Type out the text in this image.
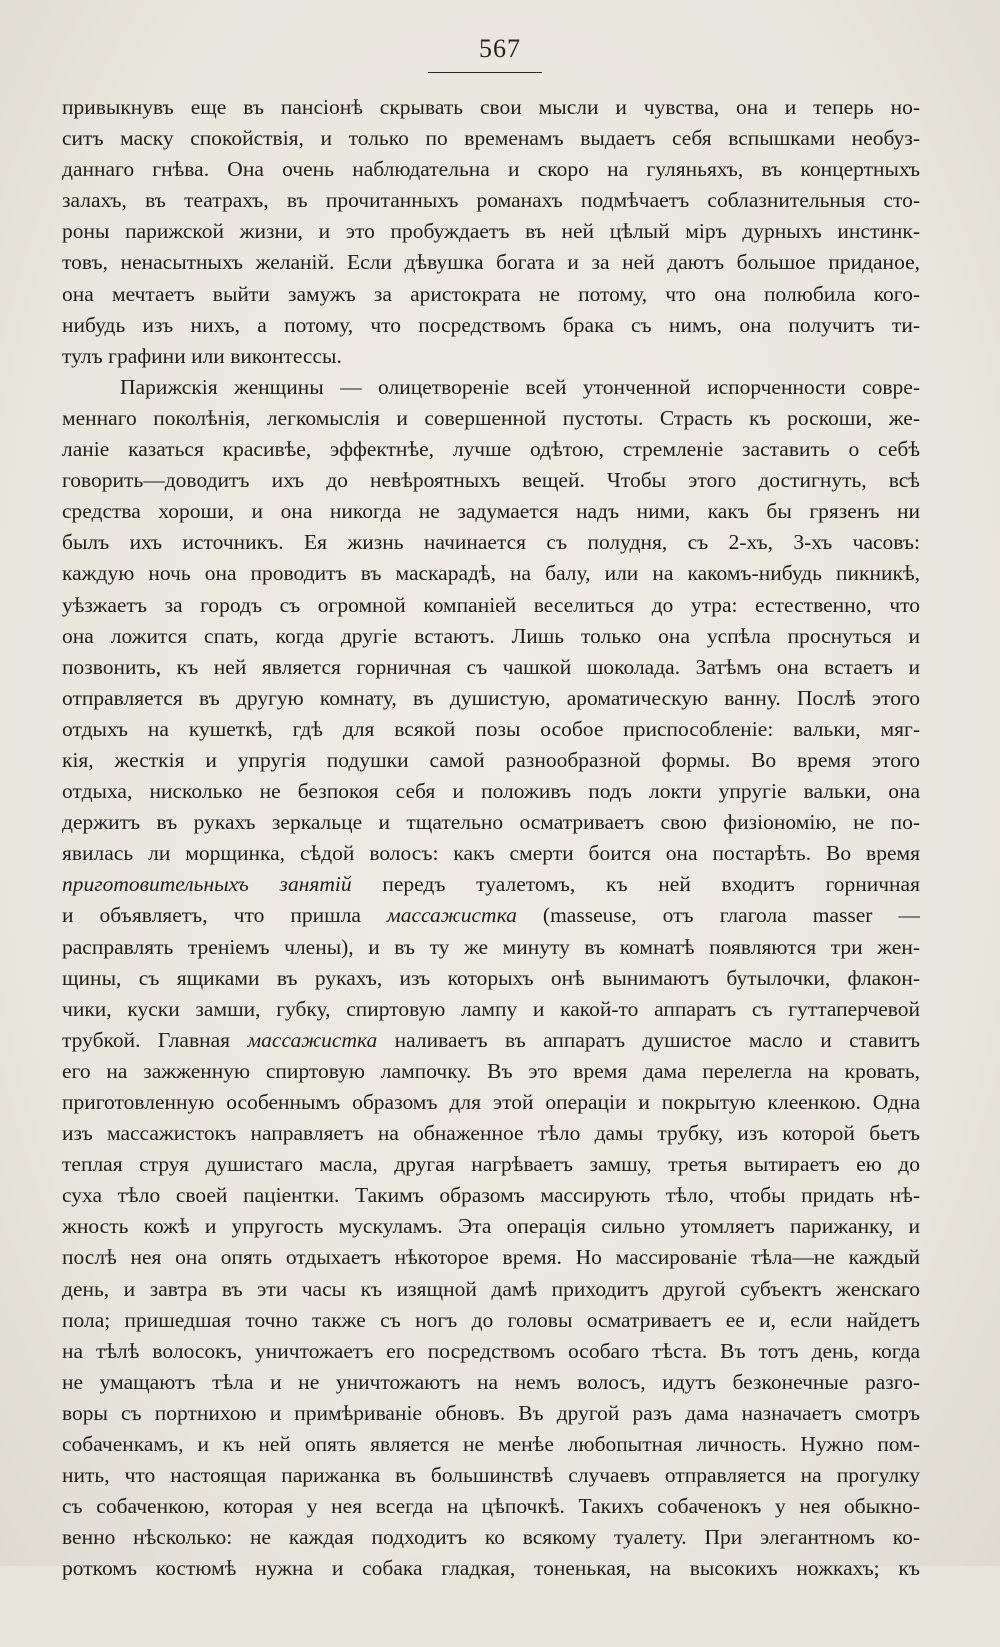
567
привыкнувъ еще въ пансіонѣ скрывать свои мысли и чувства, она и теперь но-
ситъ маску спокойствія, и только по временамъ выдаетъ себя вспышками необуз-
даннаго гнѣва. Она очень наблюдательна и скоро на гуляньяхъ, въ концертныхъ
залахъ, въ театрахъ, въ прочитанныхъ романахъ подмѣчаетъ соблазнительныя сто-
роны парижской жизни, и это пробуждаетъ въ ней цѣлый міръ дурныхъ инстинк-
товъ, ненасытныхъ желаній. Если дѣвушка богата и за ней даютъ большое приданое,
она мечтаетъ выйти замужъ за аристократа не потому, что она полюбила кого-
нибудь изъ нихъ, а потому, что посредствомъ брака съ нимъ, она получитъ ти-
тулъ графини или виконтессы.
Парижскія женщины — олицетвореніе всей утонченной испорченности совре-
меннаго поколѣнія, легкомыслія и совершенной пустоты. Страсть къ роскоши, же-
ланіе казаться красивѣе, эффектнѣе, лучше одѣтою, стремленіе заставить о себѣ
говорить—доводитъ ихъ до невѣроятныхъ вещей. Чтобы этого достигнуть, всѣ
средства хороши, и она никогда не задумается надъ ними, какъ бы грязенъ ни
былъ ихъ источникъ. Ея жизнь начинается съ полудня, съ 2-хъ, 3-хъ часовъ:
каждую ночь она проводитъ въ маскарадѣ, на балу, или на какомъ-нибудь пикникѣ,
уѣзжаетъ за городъ съ огромной компаніей веселиться до утра: естественно, что
она ложится спать, когда другіе встаютъ. Лишь только она успѣла проснуться и
позвонить, къ ней является горничная съ чашкой шоколада. Затѣмъ она встаетъ и
отправляется въ другую комнату, въ душистую, ароматическую ванну. Послѣ этого
отдыхъ на кушеткѣ, гдѣ для всякой позы особое приспособленіе: вальки, мяг-
кія, жесткія и упругія подушки самой разнообразной формы. Во время этого
отдыха, нисколько не безпокоя себя и положивъ подъ локти упругіе вальки, она
держитъ въ рукахъ зеркальце и тщательно осматриваетъ свою физіономію, не по-
явилась ли морщинка, сѣдой волосъ: какъ смерти боится она постарѣть. Во время
приготовительныхъ занятій передъ туалетомъ, къ ней входитъ горничная
и объявляетъ, что пришла массажистка (masseuse, отъ глагола masser —
расправлять тренiемъ члены), и въ ту же минуту въ комнатѣ появляются три жен-
щины, съ ящиками въ рукахъ, изъ которыхъ онѣ вынимаютъ бутылочки, флакон-
чики, куски замши, губку, спиртовую лампу и какой-то аппаратъ съ гуттаперчевой
трубкой. Главная массажистка наливаетъ въ аппаратъ душистое масло и ставитъ
его на зажженную спиртовую лампочку. Въ это время дама перелегла на кровать,
приготовленную особеннымъ образомъ для этой операціи и покрытую клеенкою. Одна
изъ массажистокъ направляетъ на обнаженное тѣло дамы трубку, изъ которой бьетъ
теплая струя душистаго масла, другая нагрѣваетъ замшу, третья вытираетъ ею до
суха тѣло своей паціентки. Такимъ образомъ массирують тѣло, чтобы придать нѣ-
жность кожѣ и упругость мускуламъ. Эта операція сильно утомляетъ парижанку, и
послѣ нея она опять отдыхаетъ нѣкоторое время. Но массированіе тѣла—не каждый
день, и завтра въ эти часы къ изящной дамѣ приходитъ другой субъектъ женскаго
пола; пришедшая точно также съ ногъ до головы осматриваетъ ее и, если найдетъ
на тѣлѣ волосокъ, уничтожаетъ его посредствомъ особаго тѣста. Въ тотъ день, когда
не умащаютъ тѣла и не уничтожаютъ на немъ волосъ, идутъ безконечные разго-
воры съ портнихою и примѣриваніе обновъ. Въ другой разъ дама назначаетъ смотръ
собаченкамъ, и къ ней опять является не менѣе любопытная личность. Нужно пом-
нить, что настоящая парижанка въ большинствѣ случаевъ отправляется на прогулку
съ собаченкою, которая у нея всегда на цѣпочкѣ. Такихъ собаченокъ у нея обыкно-
венно нѣсколько: не каждая подходитъ ко всякому туалету. При элегантномъ ко-
роткомъ костюмѣ нужна и собака гладкая, тоненькая, на высокихъ ножкахъ; къ
